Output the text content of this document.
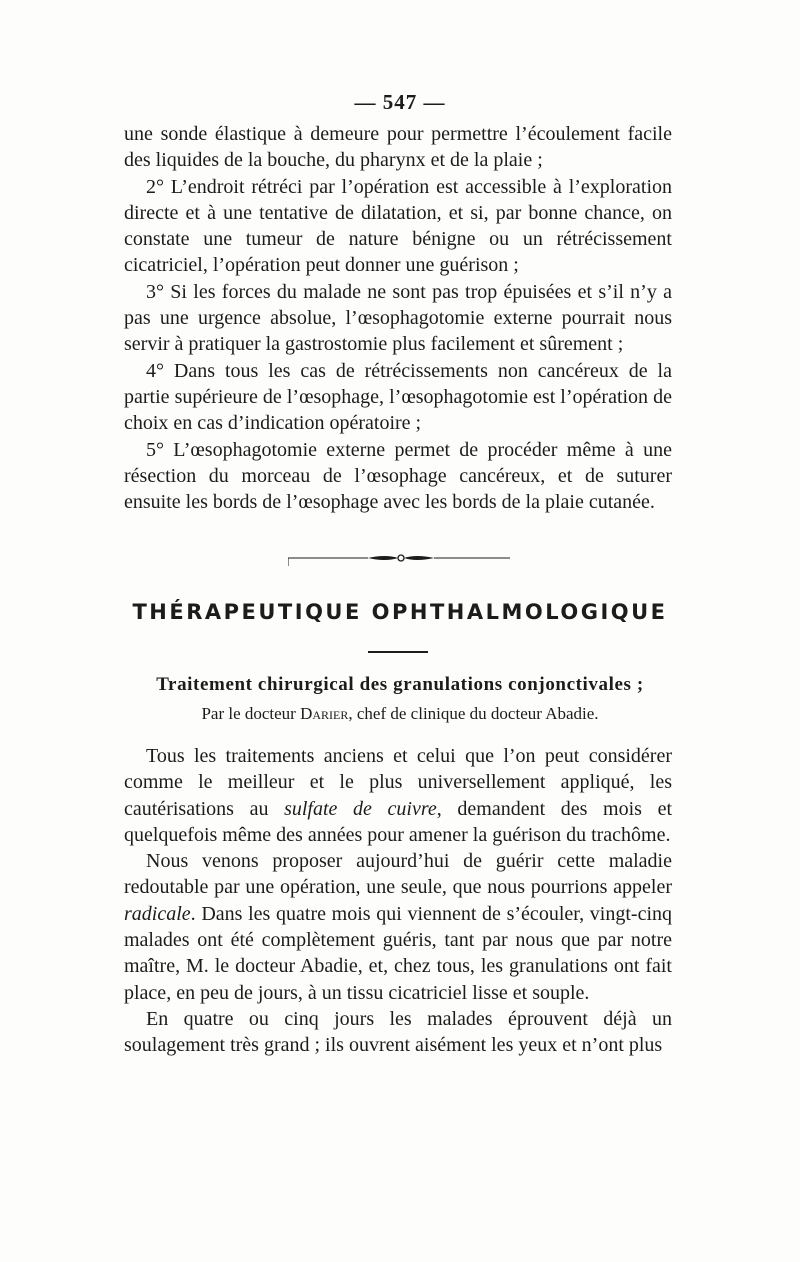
— 547 —

une sonde élastique à demeure pour permettre l’écoulement facile des liquides de la bouche, du pharynx et de la plaie ;

2° L’endroit rétréci par l’opération est accessible à l’exploration directe et à une tentative de dilatation, et si, par bonne chance, on constate une tumeur de nature bénigne ou un rétrécissement cicatriciel, l’opération peut donner une guérison ;

3° Si les forces du malade ne sont pas trop épuisées et s’il n’y a pas une urgence absolue, l’œsophagotomie externe pourrait nous servir à pratiquer la gastrostomie plus facilement et sûrement ;

4° Dans tous les cas de rétrécissements non cancéreux de la partie supérieure de l’œsophage, l’œsophagotomie est l’opération de choix en cas d’indication opératoire ;

5° L’œsophagotomie externe permet de procéder même à une résection du morceau de l’œsophage cancéreux, et de suturer ensuite les bords de l’œsophage avec les bords de la plaie cutanée.

THÉRAPEUTIQUE OPHTHALMOLOGIQUE
Traitement chirurgical des granulations conjonctivales ;
Par le docteur Darier, chef de clinique du docteur Abadie.

Tous les traitements anciens et celui que l’on peut considérer comme le meilleur et le plus universellement appliqué, les cautérisations au sulfate de cuivre, demandent des mois et quelquefois même des années pour amener la guérison du trachôme.

Nous venons proposer aujourd’hui de guérir cette maladie redoutable par une opération, une seule, que nous pourrions appeler radicale. Dans les quatre mois qui viennent de s’écouler, vingt-cinq malades ont été complètement guéris, tant par nous que par notre maître, M. le docteur Abadie, et, chez tous, les granulations ont fait place, en peu de jours, à un tissu cicatriciel lisse et souple.

En quatre ou cinq jours les malades éprouvent déjà un soulagement très grand ; ils ouvrent aisément les yeux et n’ont plus
